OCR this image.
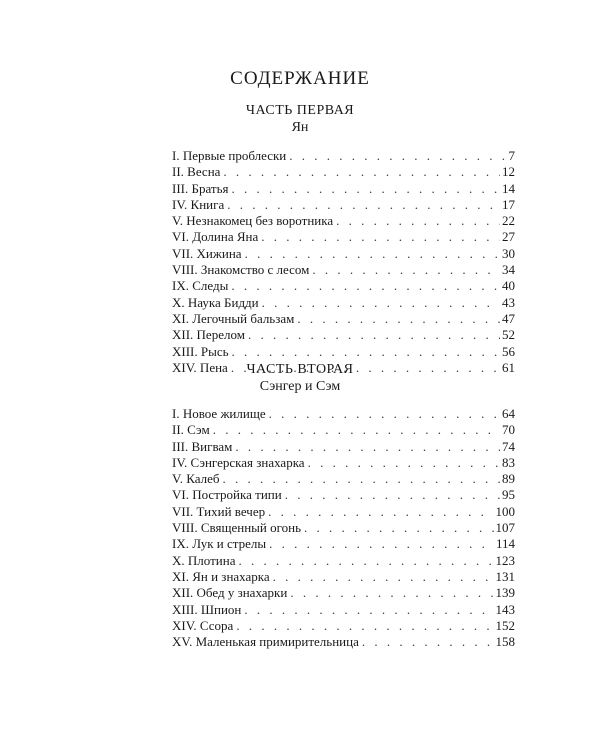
СОДЕРЖАНИЕ
ЧАСТЬ ПЕРВАЯ
Ян
I. Первые проблески . . .	7
II. Весна . . .	12
III. Братья . . .	14
IV. Книга . . .	17
V. Незнакомец без воротника . . .	22
VI. Долина Яна . . .	27
VII. Хижина . . .	30
VIII. Знакомство с лесом . . .	34
IX. Следы . . .	40
X. Наука Бидди . . .	43
XI. Легочный бальзам . . .	47
XII. Перелом . . .	52
XIII. Рысь . . .	56
XIV. Пена . . .	61
ЧАСТЬ ВТОРАЯ
Сэнгер и Сэм
I. Новое жилище . . .	64
II. Сэм . . .	70
III. Вигвам . . .	74
IV. Сэнгерская знахарка . . .	83
V. Калеб . . .	89
VI. Постройка типи . . .	95
VII. Тихий вечер . . .	100
VIII. Священный огонь . . .	107
IX. Лук и стрелы . . .	114
X. Плотина . . .	123
XI. Ян и знахарка . . .	131
XII. Обед у знахарки . . .	139
XIII. Шпион . . .	143
XIV. Ссора . . .	152
XV. Маленькая примирительница . . .	158
